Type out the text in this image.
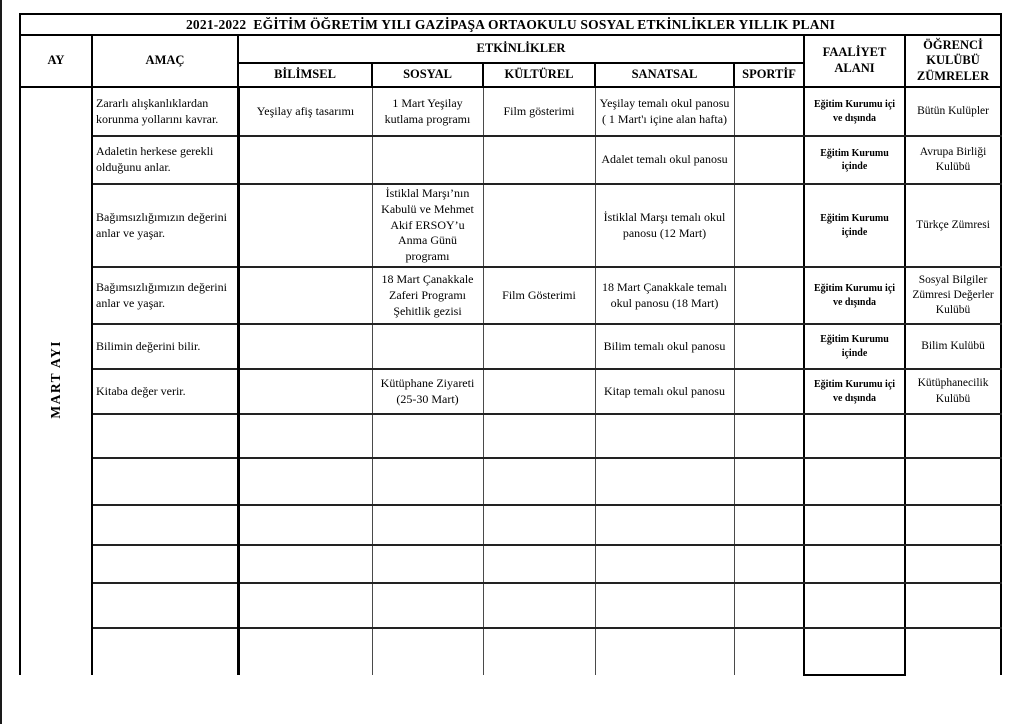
2021-2022  EĞİTİM ÖĞRETİM YILI GAZİPAŞA ORTAOKULU SOSYAL ETKİNLİKLER YILLIK PLANI								
AY	AMAÇ	ETKİNLİKLER					FAALİYET ALANI	ÖĞRENCİ KULÜBÜ ZÜMRELER
		BİLİMSEL	SOSYAL	KÜLTÜREL	SANATSAL	SPORTİF		
MART AYI	Zararlı alışkanlıklardan korunma yollarını kavrar.	Yeşilay afiş tasarımı	1 Mart Yeşilay kutlama programı	Film gösterimi	Yeşilay temalı okul panosu ( 1 Mart'ı içine alan hafta)		Eğitim Kurumu içi ve dışında	Bütün Kulüpler
	Adaletin herkese gerekli olduğunu anlar.				Adalet temalı okul panosu		Eğitim Kurumu içinde	Avrupa Birliği Kulübü
	Bağımsızlığımızın değerini anlar ve yaşar.		İstiklal Marşı’nın Kabulü ve Mehmet Akif ERSOY’u Anma Günü programı		İstiklal Marşı temalı okul panosu (12 Mart)		Eğitim Kurumu içinde	Türkçe Zümresi
	Bağımsızlığımızın değerini anlar ve yaşar.		18 Mart Çanakkale Zaferi Programı Şehitlik gezisi	Film Gösterimi	18 Mart Çanakkale temalı okul panosu (18 Mart)		Eğitim Kurumu içi ve dışında	Sosyal Bilgiler Zümresi Değerler Kulübü
	Bilimin değerini bilir.				Bilim temalı okul panosu		Eğitim Kurumu içinde	Bilim Kulübü
	Kitaba değer verir.		Kütüphane Ziyareti (25-30 Mart)		Kitap temalı okul panosu		Eğitim Kurumu içi ve dışında	Kütüphanecilik Kulübü
